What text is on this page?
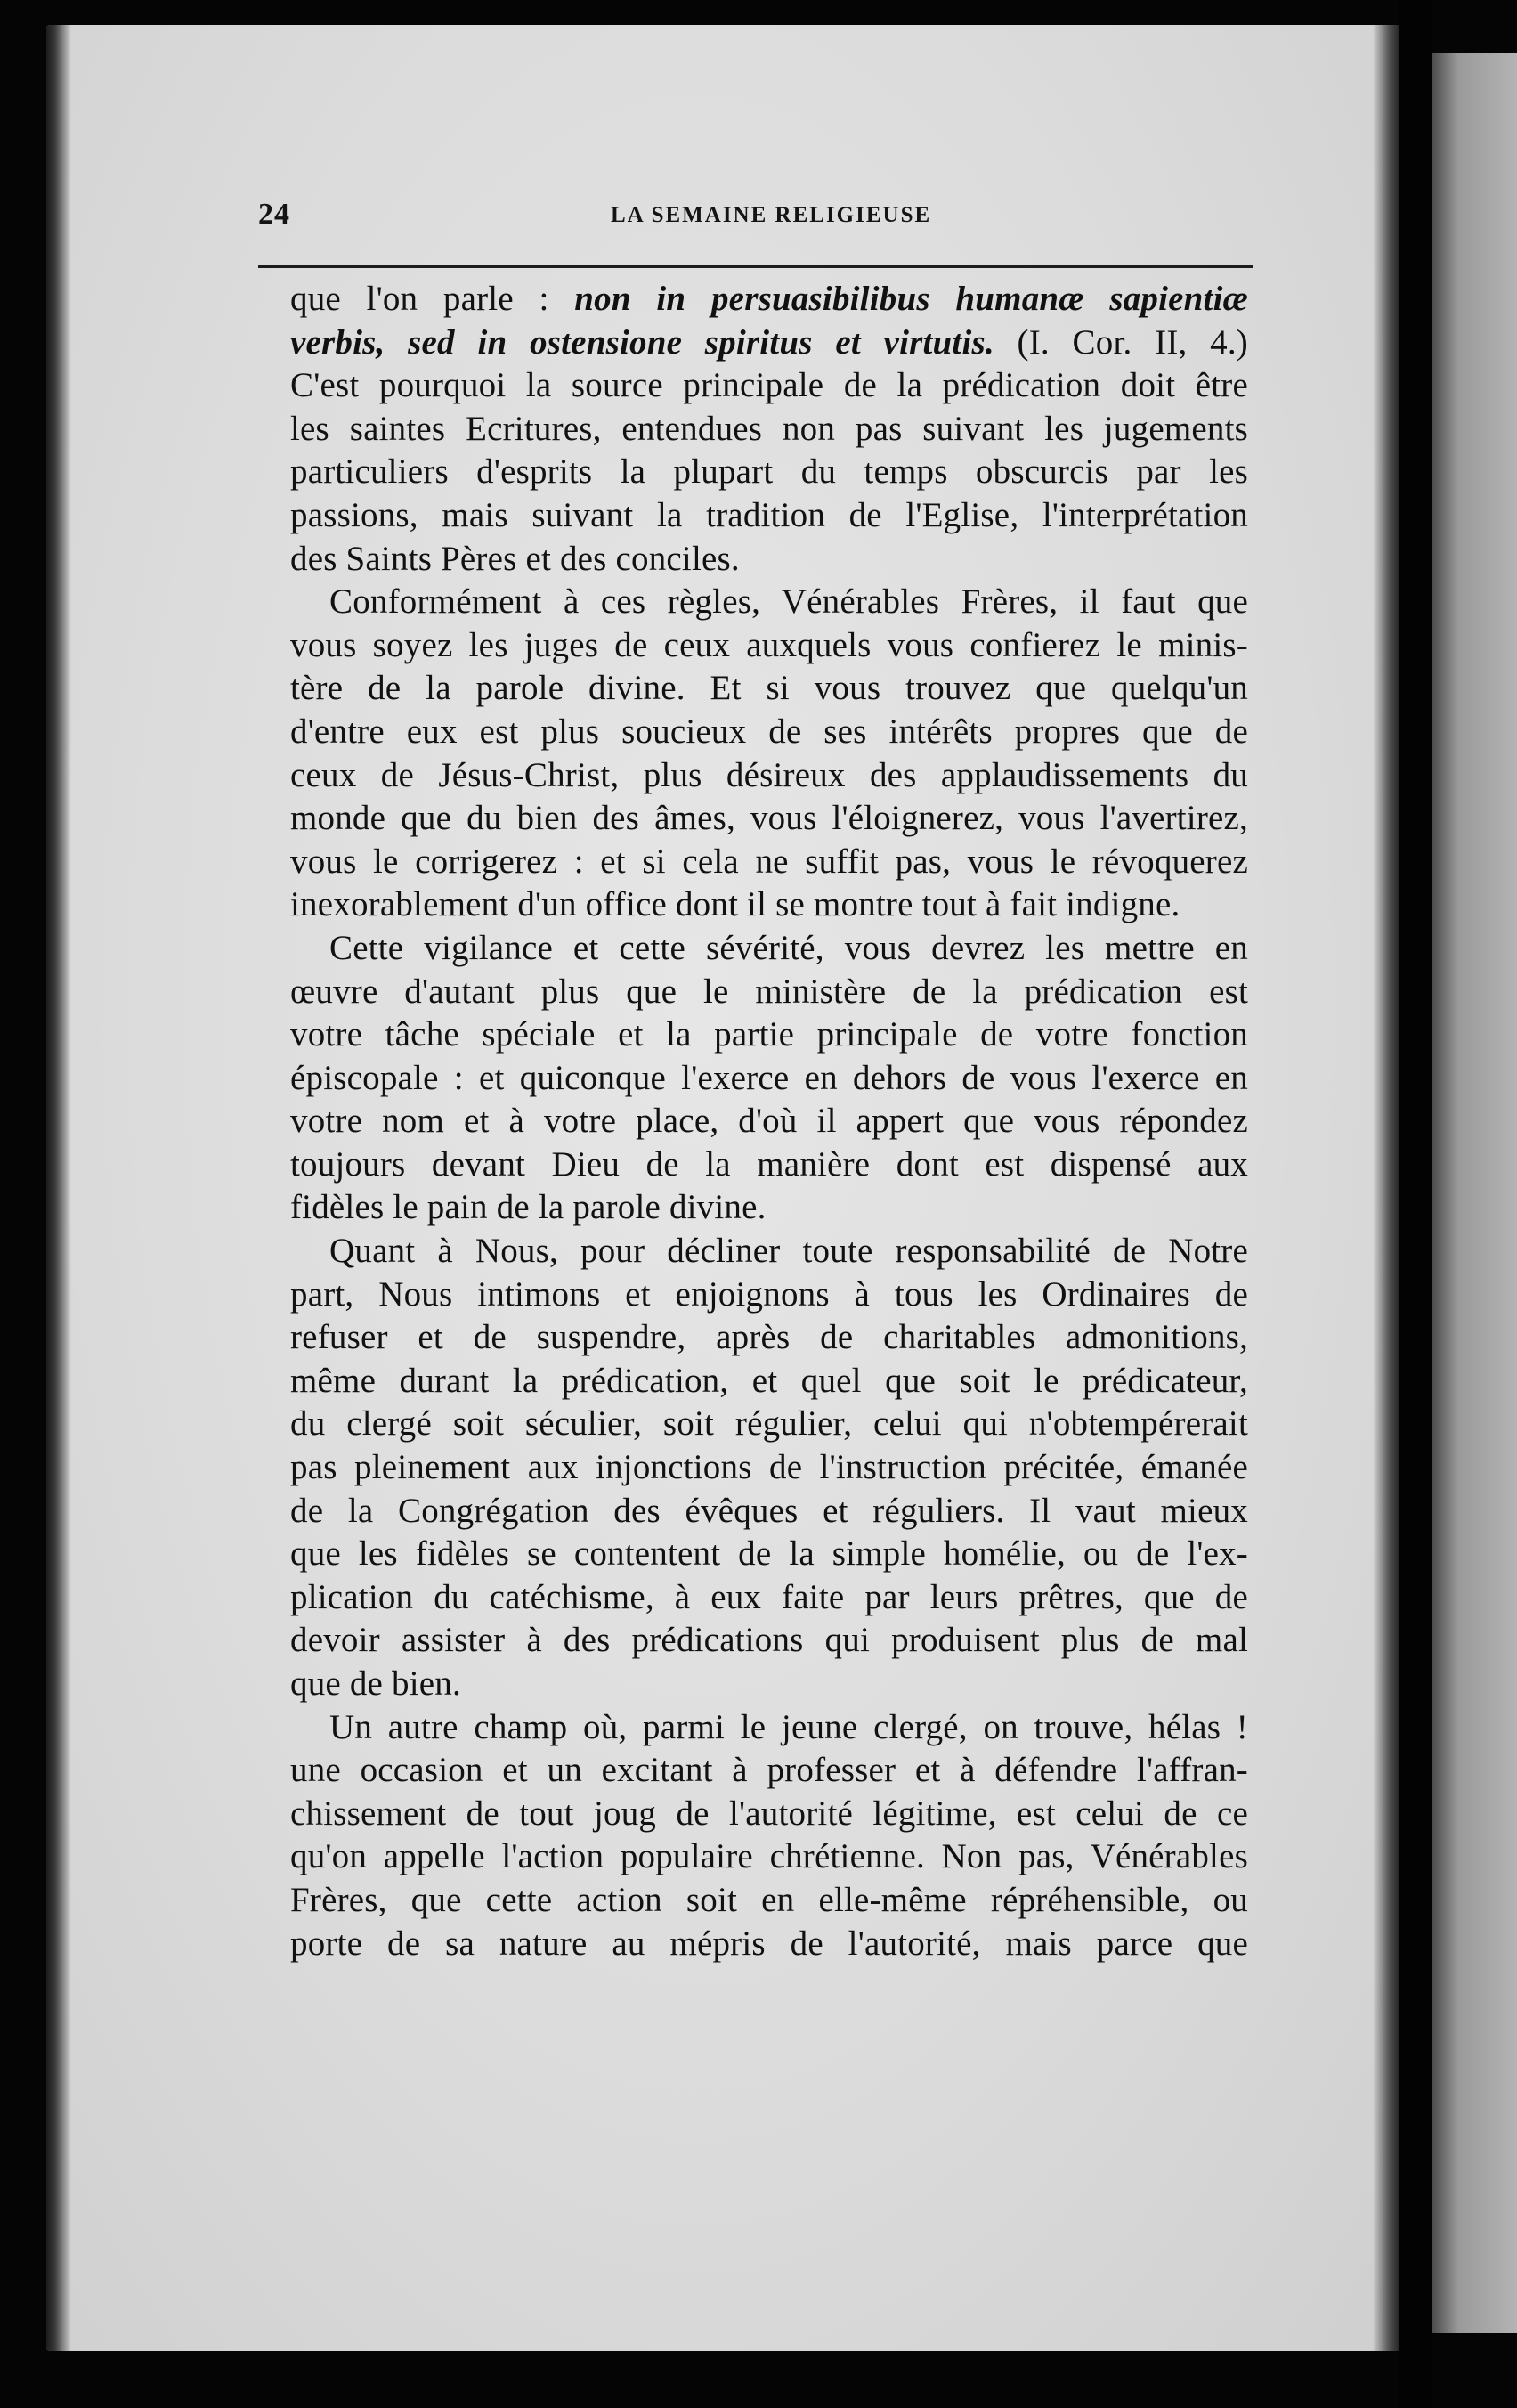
24	LA SEMAINE RELIGIEUSE
que l'on parle : non in persuasibilibus humanæ sapientiæ
verbis, sed in ostensione spiritus et virtutis. (I. Cor. II, 4.)
C'est pourquoi la source principale de la prédication doit être
les saintes Ecritures, entendues non pas suivant les jugements
particuliers d'esprits la plupart du temps obscurcis par les
passions, mais suivant la tradition de l'Eglise, l'interprétation
des Saints Pères et des conciles.
Conformément à ces règles, Vénérables Frères, il faut que
vous soyez les juges de ceux auxquels vous confierez le minis-
tère de la parole divine. Et si vous trouvez que quelqu'un
d'entre eux est plus soucieux de ses intérêts propres que de
ceux de Jésus-Christ, plus désireux des applaudissements du
monde que du bien des âmes, vous l'éloignerez, vous l'avertirez,
vous le corrigerez : et si cela ne suffit pas, vous le révoquerez
inexorablement d'un office dont il se montre tout à fait indigne.
Cette vigilance et cette sévérité, vous devrez les mettre en
œuvre d'autant plus que le ministère de la prédication est
votre tâche spéciale et la partie principale de votre fonction
épiscopale : et quiconque l'exerce en dehors de vous l'exerce en
votre nom et à votre place, d'où il appert que vous répondez
toujours devant Dieu de la manière dont est dispensé aux
fidèles le pain de la parole divine.
Quant à Nous, pour décliner toute responsabilité de Notre
part, Nous intimons et enjoignons à tous les Ordinaires de
refuser et de suspendre, après de charitables admonitions,
même durant la prédication, et quel que soit le prédicateur,
du clergé soit séculier, soit régulier, celui qui n'obtempérerait
pas pleinement aux injonctions de l'instruction précitée, émanée
de la Congrégation des évêques et réguliers. Il vaut mieux
que les fidèles se contentent de la simple homélie, ou de l'ex-
plication du catéchisme, à eux faite par leurs prêtres, que de
devoir assister à des prédications qui produisent plus de mal
que de bien.
Un autre champ où, parmi le jeune clergé, on trouve, hélas !
une occasion et un excitant à professer et à défendre l'affran-
chissement de tout joug de l'autorité légitime, est celui de ce
qu'on appelle l'action populaire chrétienne. Non pas, Vénérables
Frères, que cette action soit en elle-même répréhensible, ou
porte de sa nature au mépris de l'autorité, mais parce que
